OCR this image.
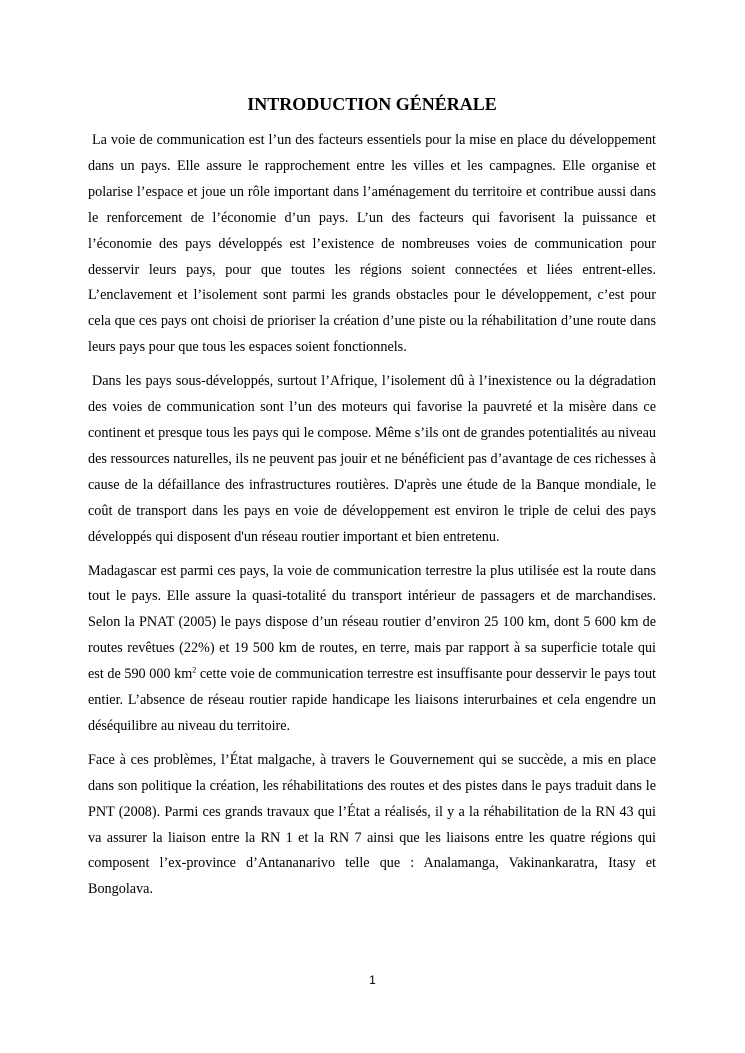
INTRODUCTION GÉNÉRALE

La voie de communication est l’un des facteurs essentiels pour la mise en place du développement dans un pays. Elle assure le rapprochement entre les villes et les campagnes. Elle organise et polarise l’espace et joue un rôle important dans l’aménagement du territoire et contribue aussi dans le renforcement de l’économie d’un pays. L’un des facteurs qui favorisent la puissance et l’économie des pays développés est l’existence de nombreuses voies de communication pour desservir leurs pays, pour que toutes les régions soient connectées et liées entrent-elles. L’enclavement et l’isolement sont parmi les grands obstacles pour le développement, c’est pour cela que ces pays ont choisi de prioriser la création d’une piste ou la réhabilitation d’une route dans leurs pays pour que tous les espaces soient fonctionnels.

Dans les pays sous-développés, surtout l’Afrique, l’isolement dû à l’inexistence ou la dégradation des voies de communication sont l’un des moteurs qui favorise la pauvreté et la misère dans ce continent et presque tous les pays qui le compose. Même s’ils ont de grandes potentialités au niveau des ressources naturelles, ils ne peuvent pas jouir et ne bénéficient pas d’avantage de ces richesses à cause de la défaillance des infrastructures routières. D'après une étude de la Banque mondiale, le coût de transport dans les pays en voie de développement est environ le triple de celui des pays développés qui disposent d'un réseau routier important et bien entretenu.

Madagascar est parmi ces pays, la voie de communication terrestre la plus utilisée est la route dans tout le pays. Elle assure la quasi-totalité du transport intérieur de passagers et de marchandises. Selon la PNAT (2005) le pays dispose d’un réseau routier d’environ 25 100 km, dont 5 600 km de routes revêtues (22%) et 19 500 km de routes, en terre, mais par rapport à sa superficie totale qui est de 590 000 $km^2$ cette voie de communication terrestre est insuffisante pour desservir le pays tout entier. L’absence de réseau routier rapide handicape les liaisons interurbaines et cela engendre un déséquilibre au niveau du territoire.

Face à ces problèmes, l’État malgache, à travers le Gouvernement qui se succède, a mis en place dans son politique la création, les réhabilitations des routes et des pistes dans le pays traduit dans le PNT (2008). Parmi ces grands travaux que l’État a réalisés, il y a la réhabilitation de la RN 43 qui va assurer la liaison entre la RN 1 et la RN 7 ainsi que les liaisons entre les quatre régions qui composent l’ex-province d’Antananarivo telle que : Analamanga, Vakinankaratra, Itasy et Bongolava.

1
